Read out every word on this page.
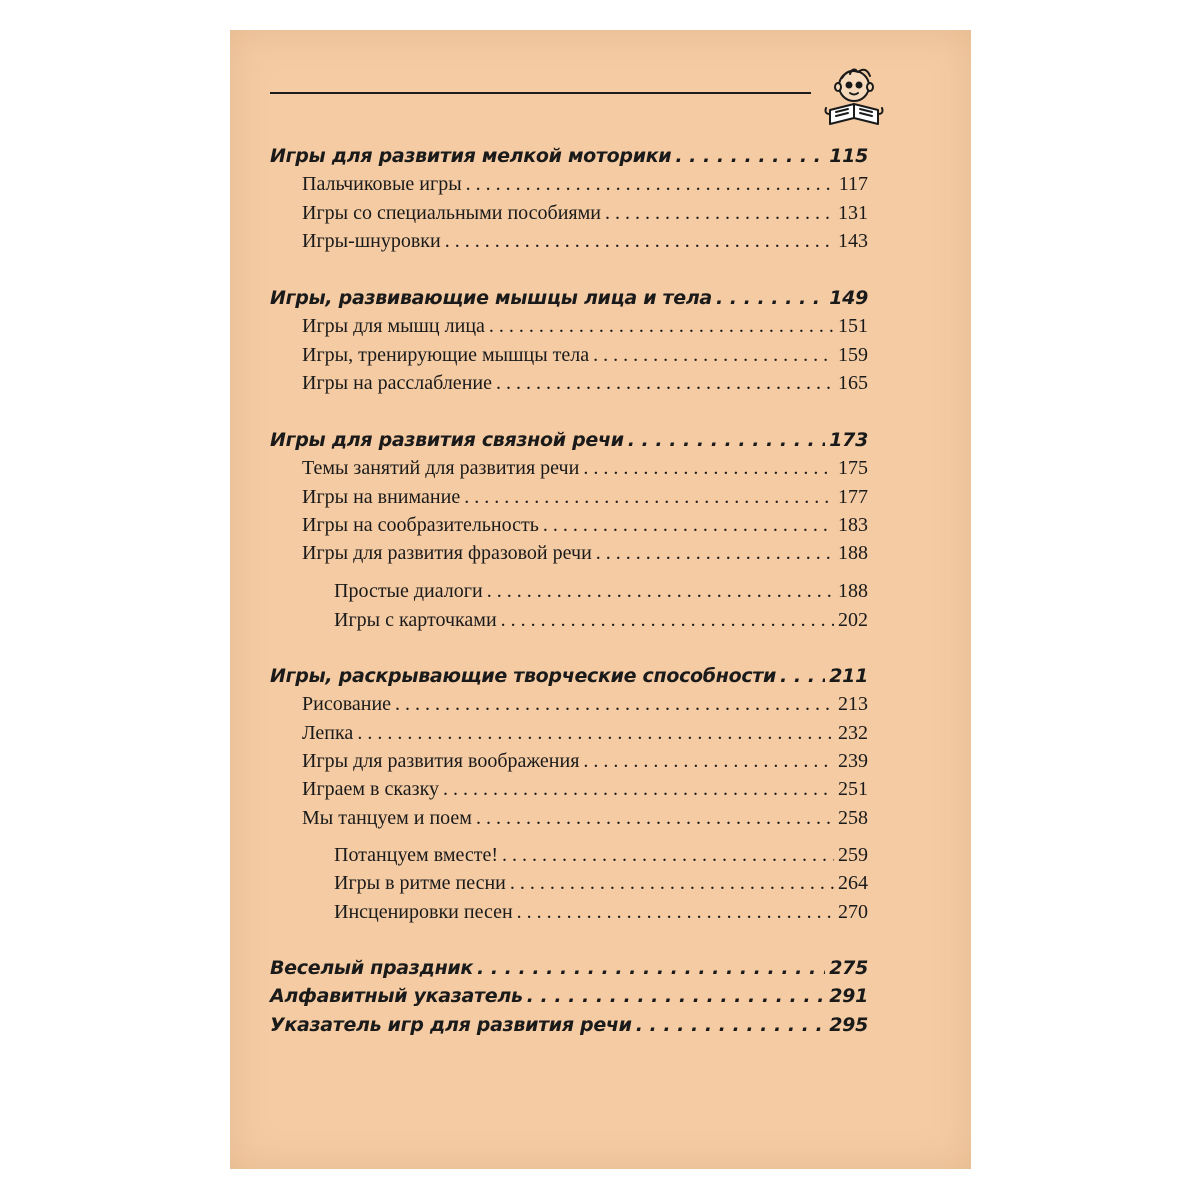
Игры для развития мелкой моторики . . .	115
Пальчиковые игры . . .	117
Игры со специальными пособиями . . .	131
Игры-шнуровки . . .	143
Игры, развивающие мышцы лица и тела . . .	149
Игры для мышц лица . . .	151
Игры, тренирующие мышцы тела . . .	159
Игры на расслабление . . .	165
Игры для развития связной речи . . .	173
Темы занятий для развития речи . . .	175
Игры на внимание . . .	177
Игры на сообразительность . . .	183
Игры для развития фразовой речи . . .	188
Простые диалоги . . .	188
Игры с карточками . . .	202
Игры, раскрывающие творческие способности . . .	211
Рисование . . .	213
Лепка . . .	232
Игры для развития воображения . . .	239
Играем в сказку . . .	251
Мы танцуем и поем . . .	258
Потанцуем вместе! . . .	259
Игры в ритме песни . . .	264
Инсценировки песен . . .	270
Веселый праздник . . .	275
Алфавитный указатель . . .	291
Указатель игр для развития речи . . .	295
